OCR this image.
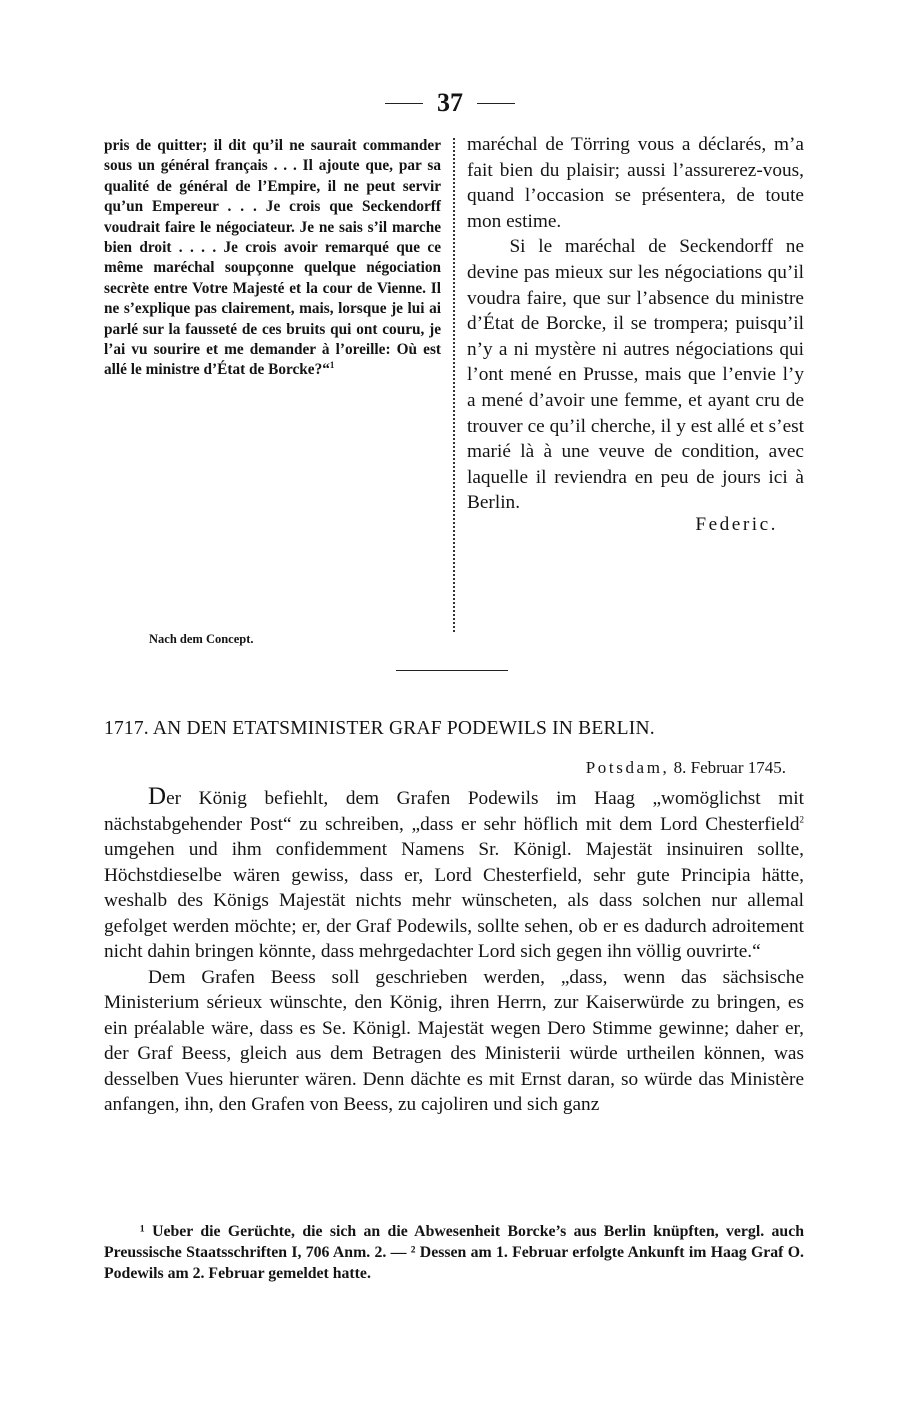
37

pris de quitter; il dit qu’il ne saurait commander sous un général français . . . Il ajoute que, par sa qualité de général de l’Empire, il ne peut servir qu’un Empereur . . . Je crois que Seckendorff voudrait faire le négociateur. Je ne sais s’il marche bien droit . . . . Je crois avoir remarqué que ce même maréchal soupçonne quelque négociation secrète entre Votre Majesté et la cour de Vienne. Il ne s’explique pas clairement, mais, lorsque je lui ai parlé sur la fausseté de ces bruits qui ont couru, je l’ai vu sourire et me demander à l’oreille: Où est allé le ministre d’État de Borcke?“$^1$

maréchal de Törring vous a déclarés, m’a fait bien du plaisir; aussi l’assurerez-vous, quand l’occasion se présentera, de toute mon estime.

Si le maréchal de Seckendorff ne devine pas mieux sur les négociations qu’il voudra faire, que sur l’absence du ministre d’État de Borcke, il se trompera; puisqu’il n’y a ni mystère ni autres négociations qui l’ont mené en Prusse, mais que l’envie l’y a mené d’avoir une femme, et ayant cru de trouver ce qu’il cherche, il y est allé et s’est marié là à une veuve de condition, avec laquelle il reviendra en peu de jours ici à Berlin.

Federic.
Nach dem Concept.
1717. AN DEN ETATSMINISTER GRAF PODEWILS IN BERLIN.
Potsdam, 8. Februar 1745.

Der König befiehlt, dem Grafen Podewils im Haag „womöglichst mit nächstabgehender Post“ zu schreiben, „dass er sehr höflich mit dem Lord Chesterfield$^2$ umgehen und ihm confidemment Namens Sr. Königl. Majestät insinuiren sollte, Höchstdieselbe wären gewiss, dass er, Lord Chesterfield, sehr gute Principia hätte, weshalb des Königs Majestät nichts mehr wünscheten, als dass solchen nur allemal gefolget werden möchte; er, der Graf Podewils, sollte sehen, ob er es dadurch adroitement nicht dahin bringen könnte, dass mehrgedachter Lord sich gegen ihn völlig ouvrirte.“

Dem Grafen Beess soll geschrieben werden, „dass, wenn das sächsische Ministerium sérieux wünschte, den König, ihren Herrn, zur Kaiserwürde zu bringen, es ein préalable wäre, dass es Se. Königl. Majestät wegen Dero Stimme gewinne; daher er, der Graf Beess, gleich aus dem Betragen des Ministerii würde urtheilen können, was desselben Vues hierunter wären. Denn dächte es mit Ernst daran, so würde das Ministère anfangen, ihn, den Grafen von Beess, zu cajoliren und sich ganz

¹ Ueber die Gerüchte, die sich an die Abwesenheit Borcke’s aus Berlin knüpften, vergl. auch Preussische Staatsschriften I, 706 Anm. 2. — ² Dessen am 1. Februar erfolgte Ankunft im Haag Graf O. Podewils am 2. Februar gemeldet hatte.
